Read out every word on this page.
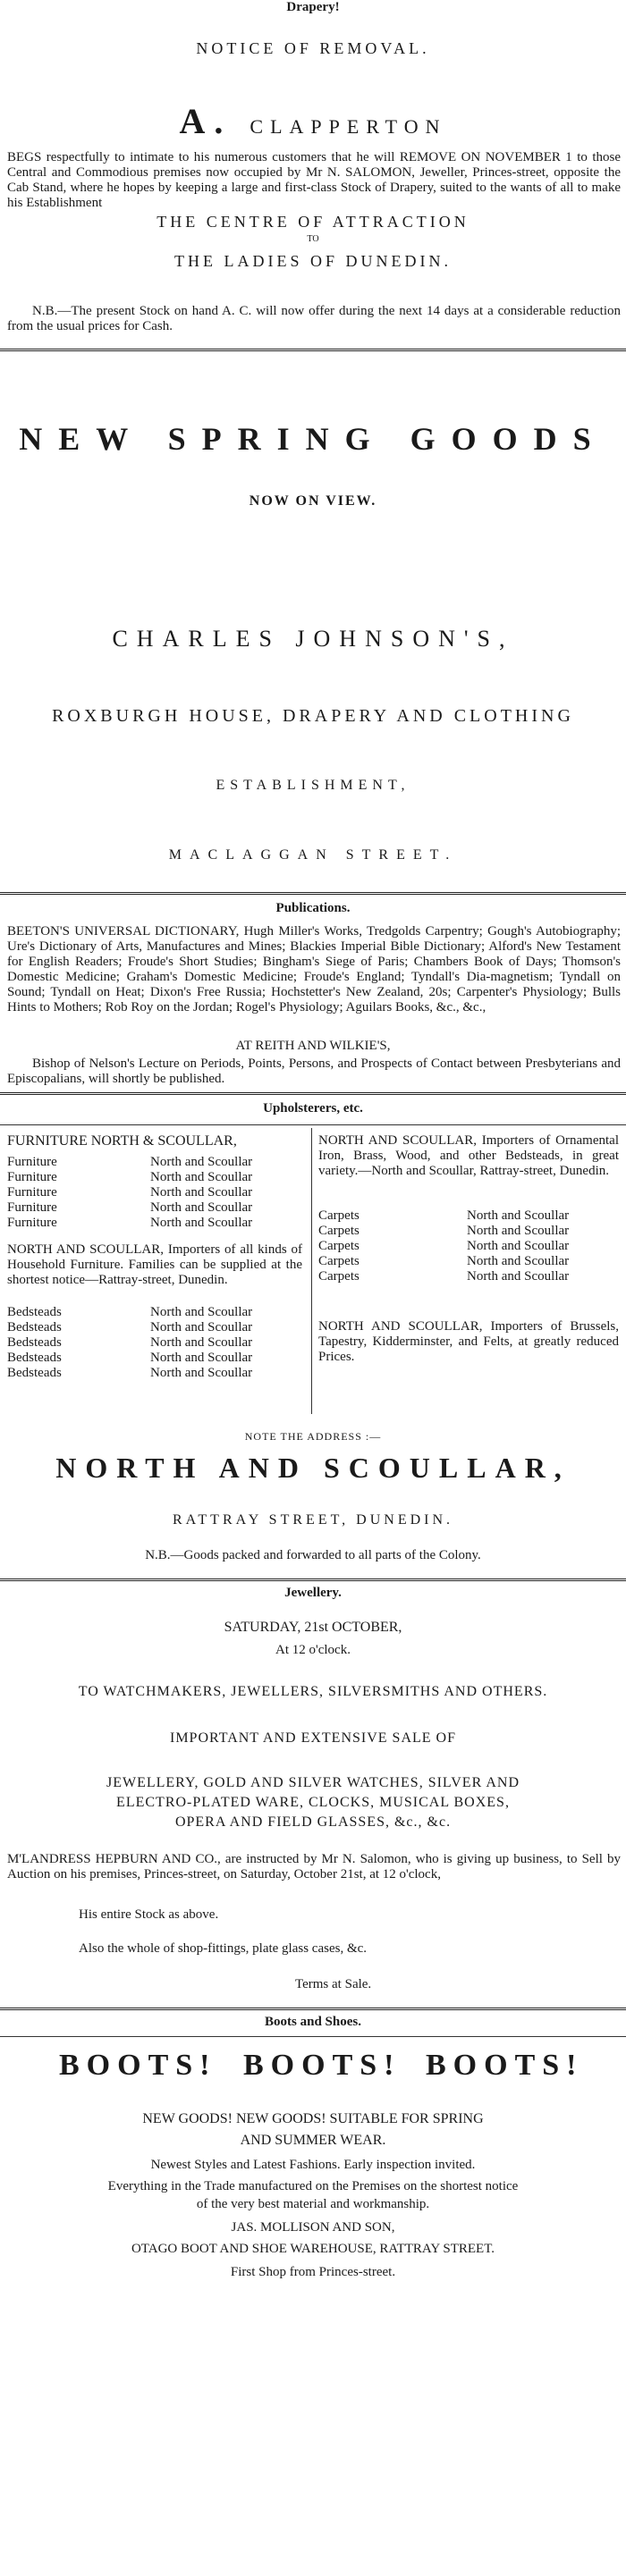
Drapery!
NOTICE OF REMOVAL.
A. CLAPPERTON
BEGS respectfully to intimate to his numerous customers that he will REMOVE ON NOVEMBER 1 to those Central and Commodious premises now occupied by Mr N. SALOMON, Jeweller, Princes-street, opposite the Cab Stand, where he hopes by keeping a large and first-class Stock of Drapery, suited to the wants of all to make his Establishment
THE CENTRE OF ATTRACTION
TO
THE LADIES OF DUNEDIN.
N.B.—The present Stock on hand A. C. will now offer during the next 14 days at a considerable reduction from the usual prices for Cash.
NEW SPRING GOODS
NOW ON VIEW.
CHARLES JOHNSON'S,
ROXBURGH HOUSE, DRAPERY AND CLOTHING
ESTABLISHMENT,
MACLAGGAN STREET.
Publications.
BEETON'S UNIVERSAL DICTIONARY, Hugh Miller's Works, Tredgolds Carpentry; Gough's Autobiography; Ure's Dictionary of Arts, Manufactures and Mines; Blackies Imperial Bible Dictionary; Alford's New Testament for English Readers; Froude's Short Studies; Bingham's Siege of Paris; Chambers Book of Days; Thomson's Domestic Medicine; Graham's Domestic Medicine; Froude's England; Tyndall's Dia-magnetism; Tyndall on Sound; Tyndall on Heat; Dixon's Free Russia; Hochstetter's New Zealand, 20s; Carpenter's Physiology; Bulls Hints to Mothers; Rob Roy on the Jordan; Rogel's Physiology; Aguilars Books, &c., &c.,
AT REITH AND WILKIE'S,
Bishop of Nelson's Lecture on Periods, Points, Persons, and Prospects of Contact between Presbyterians and Episcopalians, will shortly be published.
Upholsterers, etc.
FURNITURE NORTH & SCOULLAR,
Furniture	North and Scoullar
Furniture	North and Scoullar
Furniture	North and Scoullar
Furniture	North and Scoullar
Furniture	North and Scoullar
NORTH AND SCOULLAR, Importers of all kinds of Household Furniture. Families can be supplied at the shortest notice—Rattray-street, Dunedin.
Bedsteads	North and Scoullar
Bedsteads	North and Scoullar
Bedsteads	North and Scoullar
Bedsteads	North and Scoullar
Bedsteads	North and Scoullar
NORTH AND SCOULLAR, Importers of Ornamental Iron, Brass, Wood, and other Bedsteads, in great variety.—North and Scoullar, Rattray-street, Dunedin.
Carpets	North and Scoullar
Carpets	North and Scoullar
Carpets	North and Scoullar
Carpets	North and Scoullar
Carpets	North and Scoullar
NORTH AND SCOULLAR, Importers of Brussels, Tapestry, Kidderminster, and Felts, at greatly reduced Prices.
NOTE THE ADDRESS :—
NORTH AND SCOULLAR,
RATTRAY STREET, DUNEDIN.
N.B.—Goods packed and forwarded to all parts of the Colony.
Jewellery.
SATURDAY, 21st OCTOBER,
At 12 o'clock.
TO WATCHMAKERS, JEWELLERS, SILVERSMITHS AND OTHERS.
IMPORTANT AND EXTENSIVE SALE OF
JEWELLERY, GOLD AND SILVER WATCHES, SILVER AND
ELECTRO-PLATED WARE, CLOCKS, MUSICAL BOXES,
OPERA AND FIELD GLASSES, &c., &c.
M'LANDRESS HEPBURN AND CO., are instructed by Mr N. Salomon, who is giving up business, to Sell by Auction on his premises, Princes-street, on Saturday, October 21st, at 12 o'clock,
His entire Stock as above.
Also the whole of shop-fittings, plate glass cases, &c.
Terms at Sale.
Boots and Shoes.
BOOTS! BOOTS! BOOTS!
NEW GOODS! NEW GOODS! SUITABLE FOR SPRING
AND SUMMER WEAR.
Newest Styles and Latest Fashions. Early inspection invited.
Everything in the Trade manufactured on the Premises on the shortest notice
of the very best material and workmanship.
JAS. MOLLISON AND SON,
OTAGO BOOT AND SHOE WAREHOUSE, RATTRAY STREET.
First Shop from Princes-street.
